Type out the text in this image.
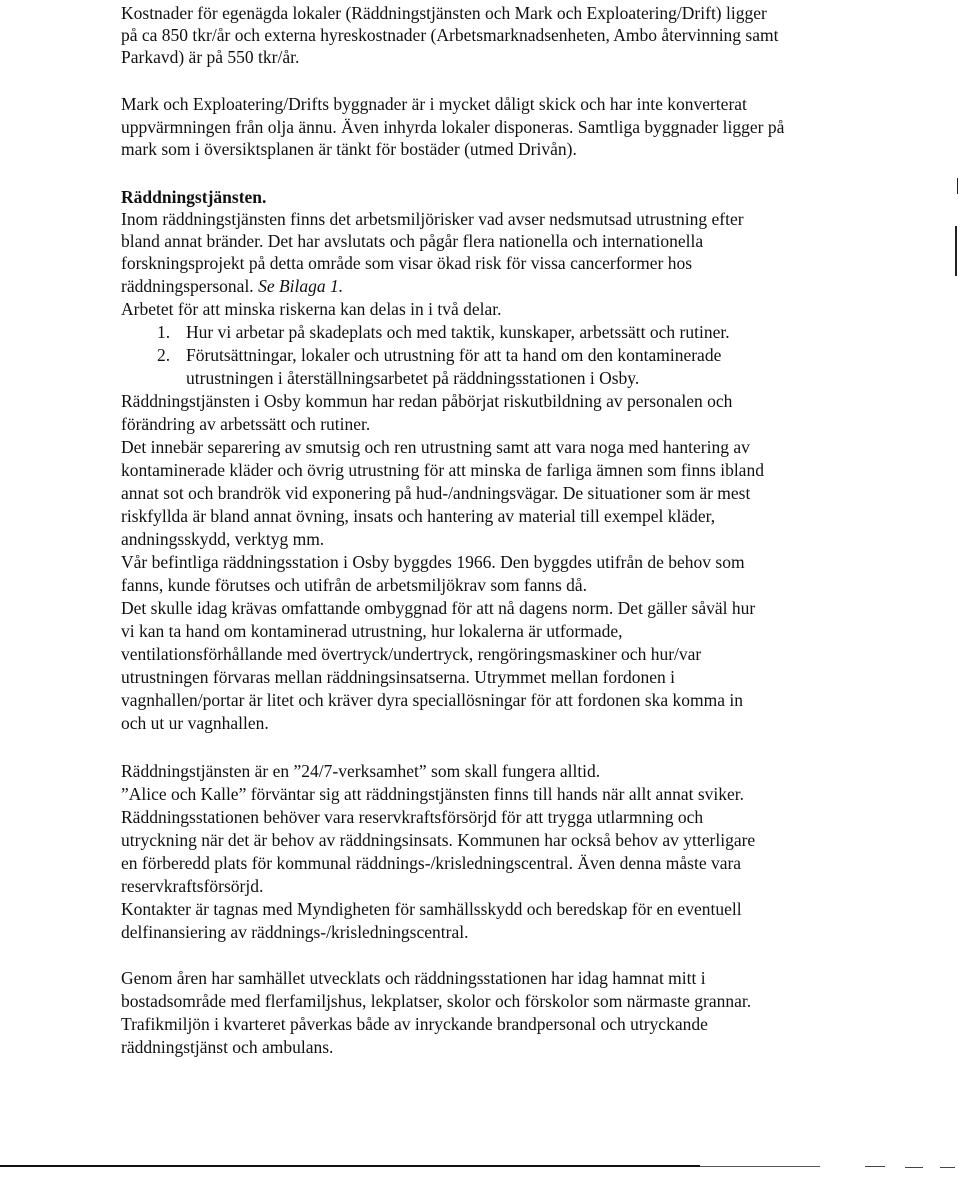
Kostnader för egenägda lokaler (Räddningstjänsten och Mark och Exploatering/Drift) ligger
på ca 850 tkr/år och externa hyreskostnader (Arbetsmarknadsenheten, Ambo återvinning samt
Parkavd) är på 550 tkr/år.
Mark och Exploatering/Drifts byggnader är i mycket dåligt skick och har inte konverterat
uppvärmningen från olja ännu. Även inhyrda lokaler disponeras. Samtliga byggnader ligger på
mark som i översiktsplanen är tänkt för bostäder (utmed Drivån).
Räddningstjänsten.
Inom räddningstjänsten finns det arbetsmiljörisker vad avser nedsmutsad utrustning efter
bland annat bränder. Det har avslutats och pågår flera nationella och internationella
forskningsprojekt på detta område som visar ökad risk för vissa cancerformer hos
räddningspersonal. Se Bilaga 1.
Arbetet för att minska riskerna kan delas in i två delar.
1. Hur vi arbetar på skadeplats och med taktik, kunskaper, arbetssätt och rutiner.
2. Förutsättningar, lokaler och utrustning för att ta hand om den kontaminerade
utrustningen i återställningsarbetet på räddningsstationen i Osby.
Räddningstjänsten i Osby kommun har redan påbörjat riskutbildning av personalen och
förändring av arbetssätt och rutiner.
Det innebär separering av smutsig och ren utrustning samt att vara noga med hantering av
kontaminerade kläder och övrig utrustning för att minska de farliga ämnen som finns ibland
annat sot och brandrök vid exponering på hud-/andningsvägar. De situationer som är mest
riskfyllda är bland annat övning, insats och hantering av material till exempel kläder,
andningsskydd, verktyg mm.
Vår befintliga räddningsstation i Osby byggdes 1966. Den byggdes utifrån de behov som
fanns, kunde förutses och utifrån de arbetsmiljökrav som fanns då.
Det skulle idag krävas omfattande ombyggnad för att nå dagens norm. Det gäller såväl hur
vi kan ta hand om kontaminerad utrustning, hur lokalerna är utformade,
ventilationsförhållande med övertryck/undertryck, rengöringsmaskiner och hur/var
utrustningen förvaras mellan räddningsinsatserna. Utrymmet mellan fordonen i
vagnhallen/portar är litet och kräver dyra speciallösningar för att fordonen ska komma in
och ut ur vagnhallen.
Räddningstjänsten är en ”24/7-verksamhet” som skall fungera alltid.
”Alice och Kalle” förväntar sig att räddningstjänsten finns till hands när allt annat sviker.
Räddningsstationen behöver vara reservkraftsförsörjd för att trygga utlarmning och
utryckning när det är behov av räddningsinsats. Kommunen har också behov av ytterligare
en förberedd plats för kommunal räddnings-/krisledningscentral. Även denna måste vara
reservkraftsförsörjd.
Kontakter är tagnas med Myndigheten för samhällsskydd och beredskap för en eventuell
delfinansiering av räddnings-/krisledningscentral.
Genom åren har samhället utvecklats och räddningsstationen har idag hamnat mitt i
bostadsområde med flerfamiljshus, lekplatser, skolor och förskolor som närmaste grannar.
Trafikmiljön i kvarteret påverkas både av inryckande brandpersonal och utryckande
räddningstjänst och ambulans.
